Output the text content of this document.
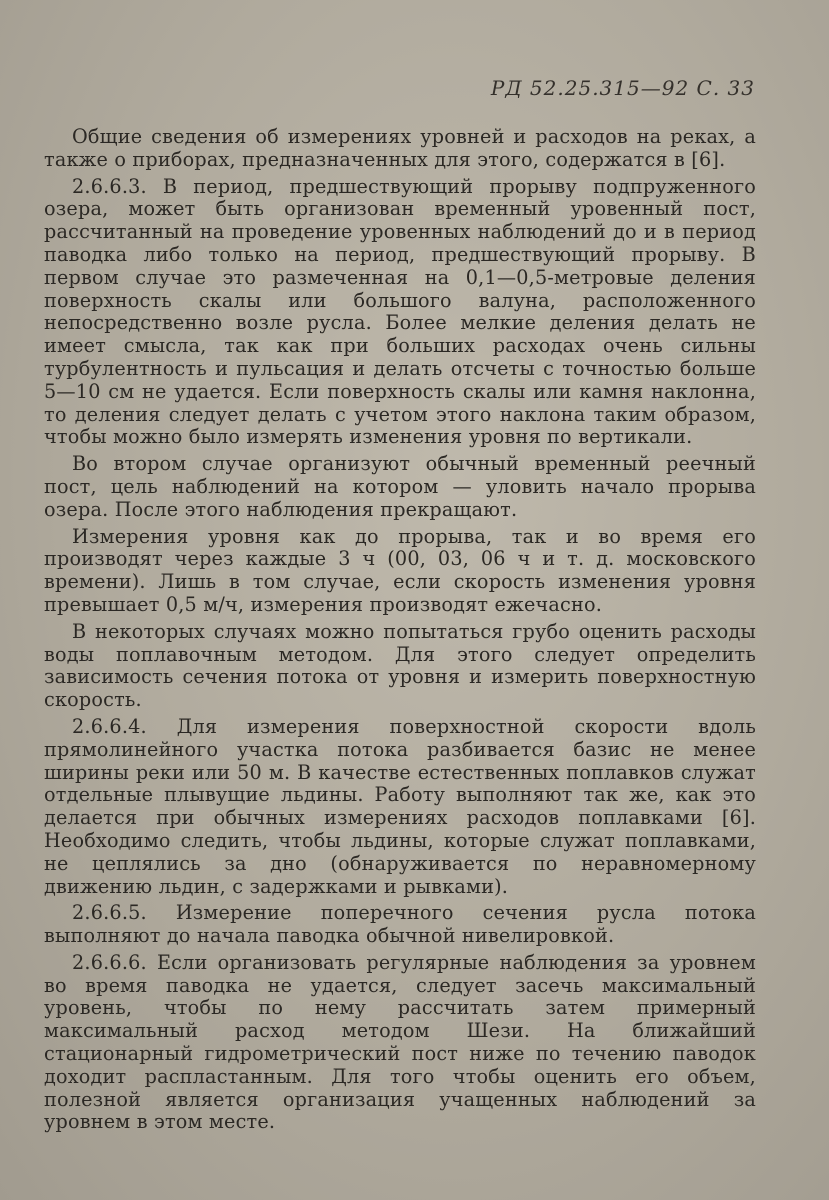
РД 52.25.315—92 С. 33

Общие сведения об измерениях уровней и расходов на реках, а также о приборах, предназначенных для этого, содержатся в [6].

2.6.6.3. В период, предшествующий прорыву подпруженного озера, может быть организован временный уровенный пост, рассчитанный на проведение уровенных наблюдений до и в период паводка либо только на период, предшествующий прорыву. В первом случае это размеченная на 0,1—0,5-метровые деления поверхность скалы или большого валуна, расположенного непосредственно возле русла. Более мелкие деления делать не имеет смысла, так как при больших расходах очень сильны турбулентность и пульсация и делать отсчеты с точностью больше 5—10 см не удается. Если поверхность скалы или камня наклонна, то деления следует делать с учетом этого наклона таким образом, чтобы можно было измерять изменения уровня по вертикали.

Во втором случае организуют обычный временный реечный пост, цель наблюдений на котором — уловить начало прорыва озера. После этого наблюдения прекращают.

Измерения уровня как до прорыва, так и во время его производят через каждые 3 ч (00, 03, 06 ч и т. д. московского времени). Лишь в том случае, если скорость изменения уровня превышает 0,5 м/ч, измерения производят ежечасно.

В некоторых случаях можно попытаться грубо оценить расходы воды поплавочным методом. Для этого следует определить зависимость сечения потока от уровня и измерить поверхностную скорость.

2.6.6.4. Для измерения поверхностной скорости вдоль прямолинейного участка потока разбивается базис не менее ширины реки или 50 м. В качестве естественных поплавков служат отдельные плывущие льдины. Работу выполняют так же, как это делается при обычных измерениях расходов поплавками [6]. Необходимо следить, чтобы льдины, которые служат поплавками, не цеплялись за дно (обнаруживается по неравномерному движению льдин, с задержками и рывками).

2.6.6.5. Измерение поперечного сечения русла потока выполняют до начала паводка обычной нивелировкой.

2.6.6.6. Если организовать регулярные наблюдения за уровнем во время паводка не удается, следует засечь максимальный уровень, чтобы по нему рассчитать затем примерный максимальный расход методом Шези. На ближайший стационарный гидрометрический пост ниже по течению паводок доходит распластанным. Для того чтобы оценить его объем, полезной является организация учащенных наблюдений за уровнем в этом месте.
